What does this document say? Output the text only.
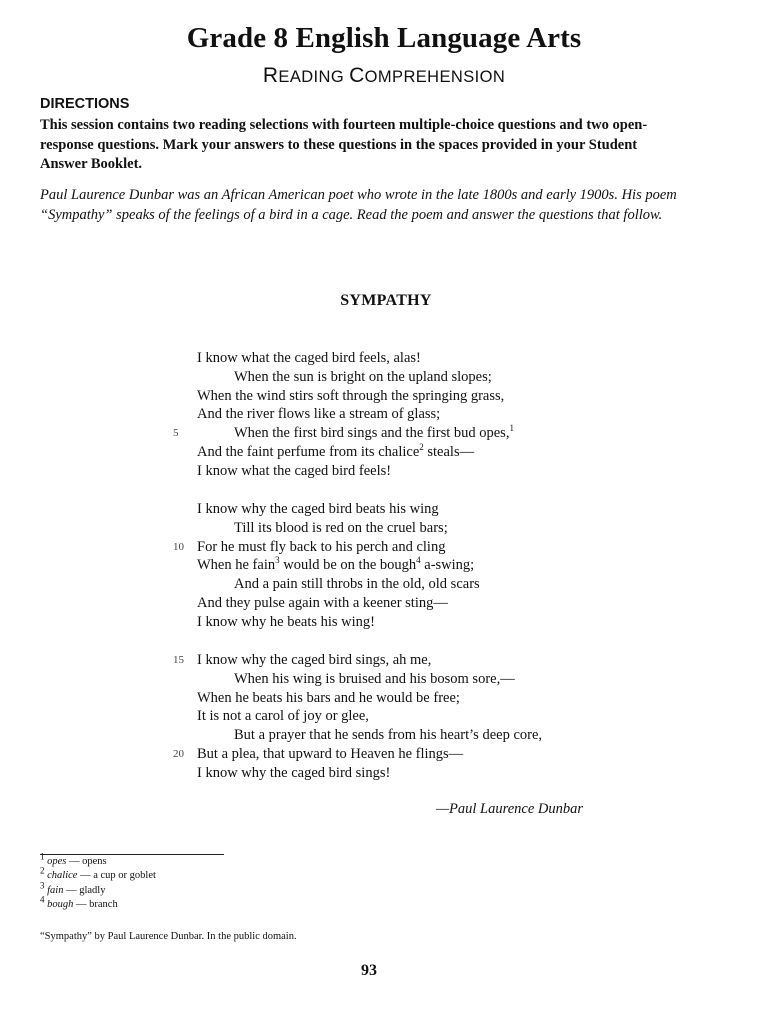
Grade 8 English Language Arts
READING COMPREHENSION
DIRECTIONS
This session contains two reading selections with fourteen multiple-choice questions and two open-response questions. Mark your answers to these questions in the spaces provided in your Student Answer Booklet.
Paul Laurence Dunbar was an African American poet who wrote in the late 1800s and early 1900s. His poem “Sympathy” speaks of the feelings of a bird in a cage. Read the poem and answer the questions that follow.
SYMPATHY
I know what the caged bird feels, alas!
When the sun is bright on the upland slopes;
When the wind stirs soft through the springing grass,
And the river flows like a stream of glass;
5	When the first bird sings and the first bud opes,$^1$
And the faint perfume from its chalice$^2$ steals—
I know what the caged bird feels!
I know why the caged bird beats his wing
Till its blood is red on the cruel bars;
10 For he must fly back to his perch and cling
When he fain$^3$ would be on the bough$^4$ a-swing;
And a pain still throbs in the old, old scars
And they pulse again with a keener sting—
I know why he beats his wing!
15 I know why the caged bird sings, ah me,
When his wing is bruised and his bosom sore,—
When he beats his bars and he would be free;
It is not a carol of joy or glee,
But a prayer that he sends from his heart’s deep core,
20 But a plea, that upward to Heaven he flings—
I know why the caged bird sings!
—Paul Laurence Dunbar
$^1$ opes — opens
$^2$ chalice — a cup or goblet
$^3$ fain — gladly
$^4$ bough — branch
“Sympathy” by Paul Laurence Dunbar. In the public domain.
93
